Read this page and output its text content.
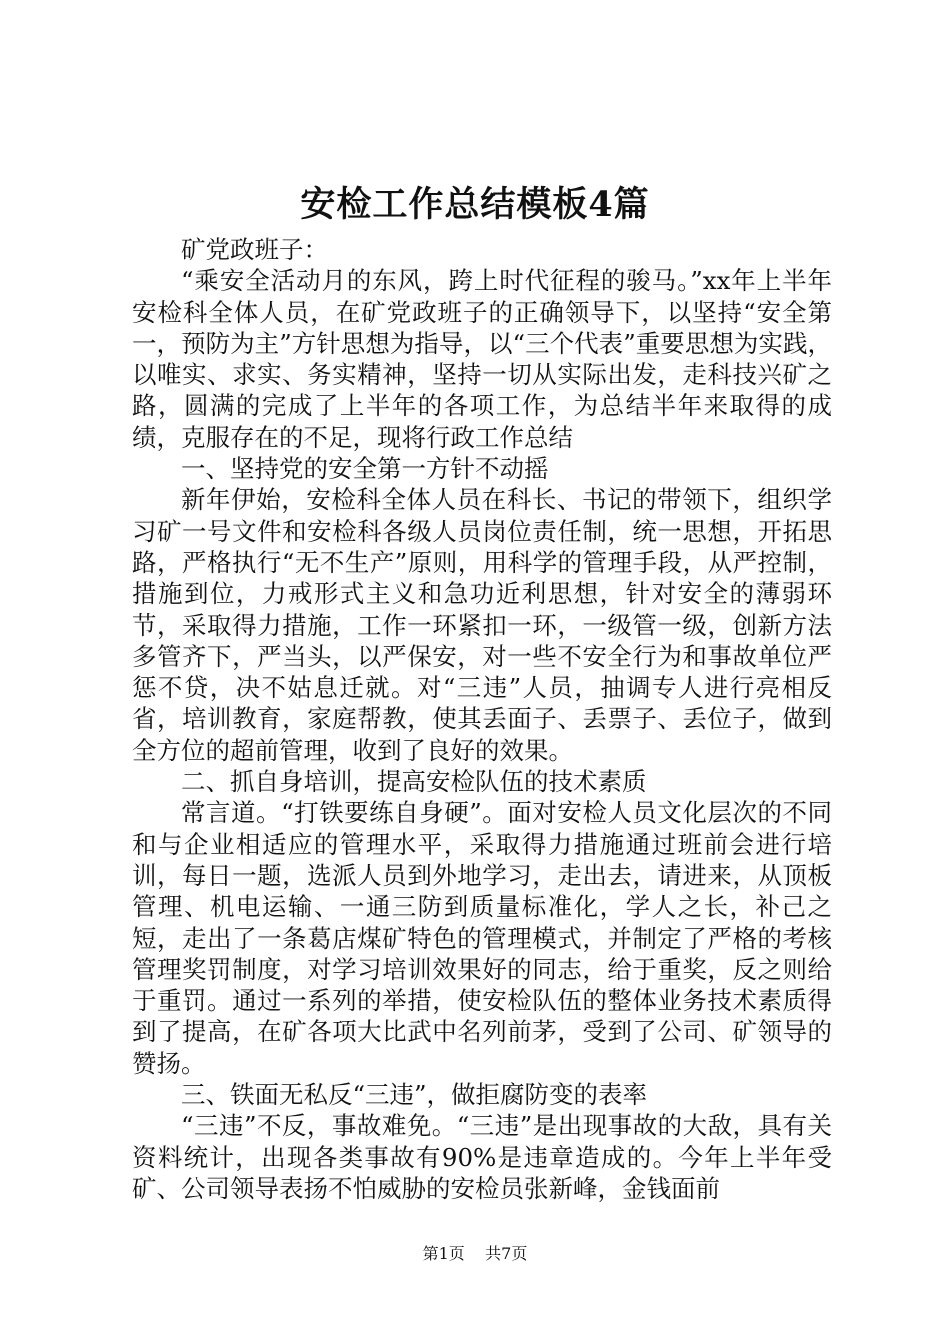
安检工作总结模板4篇

矿党政班子：

“乘安全活动月的东风，跨上时代征程的骏马。”xx年上半年安检科全体人员，在矿党政班子的正确领导下，以坚持“安全第一，预防为主”方针思想为指导，以“三个代表”重要思想为实践，以唯实、求实、务实精神，坚持一切从实际出发，走科技兴矿之路，圆满的完成了上半年的各项工作，为总结半年来取得的成绩，克服存在的不足，现将行政工作总结

一、坚持党的安全第一方针不动摇

新年伊始，安检科全体人员在科长、书记的带领下，组织学习矿一号文件和安检科各级人员岗位责任制，统一思想，开拓思路，严格执行“无不生产”原则，用科学的管理手段，从严控制，措施到位，力戒形式主义和急功近利思想，针对安全的薄弱环节，采取得力措施，工作一环紧扣一环，一级管一级，创新方法多管齐下，严当头，以严保安，对一些不安全行为和事故单位严惩不贷，决不姑息迁就。对“三违”人员，抽调专人进行亮相反省，培训教育，家庭帮教，使其丢面子、丢票子、丢位子，做到全方位的超前管理，收到了良好的效果。

二、抓自身培训，提高安检队伍的技术素质

常言道。“打铁要练自身硬”。面对安检人员文化层次的不同和与企业相适应的管理水平，采取得力措施通过班前会进行培训，每日一题，选派人员到外地学习，走出去，请进来，从顶板管理、机电运输、一通三防到质量标准化，学人之长，补己之短，走出了一条葛店煤矿特色的管理模式，并制定了严格的考核管理奖罚制度，对学习培训效果好的同志，给于重奖，反之则给于重罚。通过一系列的举措，使安检队伍的整体业务技术素质得到了提高，在矿各项大比武中名列前茅，受到了公司、矿领导的赞扬。

三、铁面无私反“三违”，做拒腐防变的表率

“三违”不反，事故难免。“三违”是出现事故的大敌，具有关资料统计，出现各类事故有90%是违章造成的。今年上半年受矿、公司领导表扬不怕威胁的安检员张新峰，金钱面前

第1页 共7页
